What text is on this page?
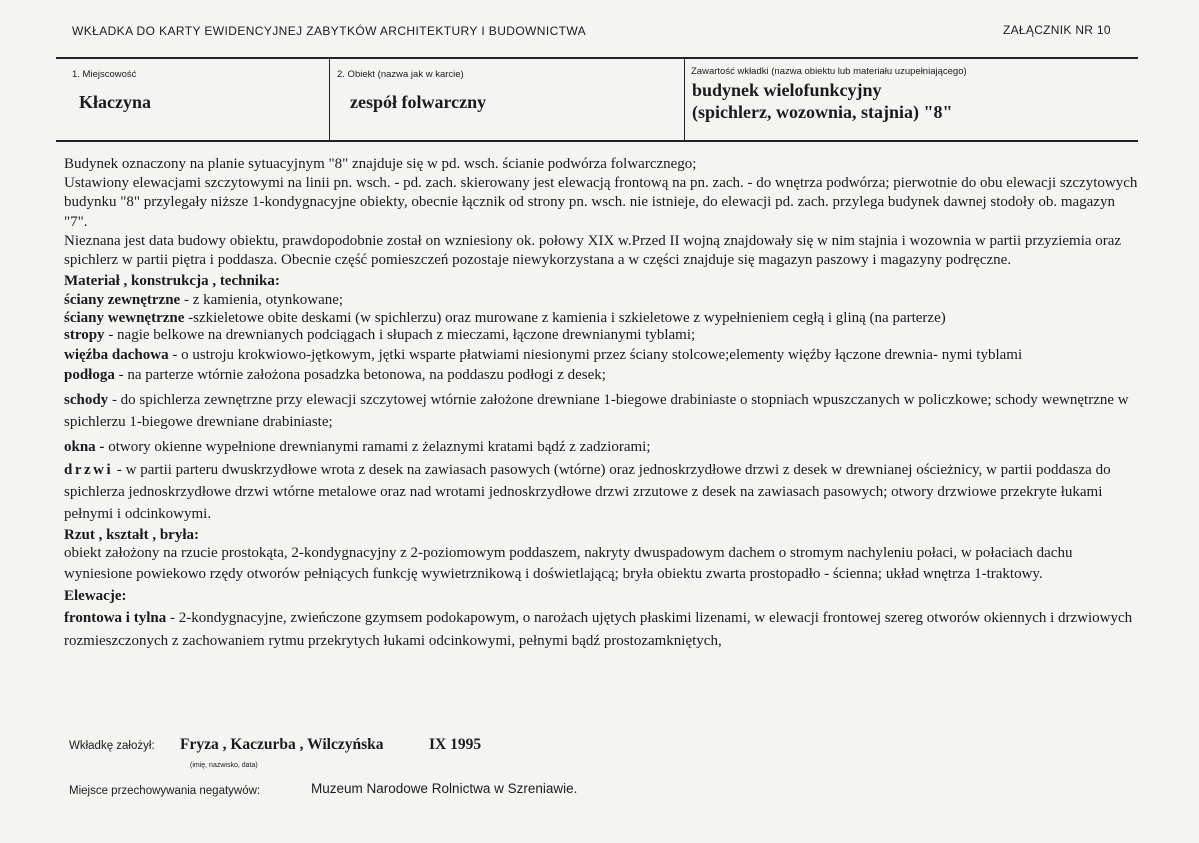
WKŁADKA DO KARTY EWIDENCYJNEJ ZABYTKÓW ARCHITEKTURY I BUDOWNICTWA	ZAŁĄCZNIK NR 10
1. Miejscowość
Kłaczyna
2. Obiekt (nazwa jak w karcie)
zespół folwarczny
Zawartość wkładki (nazwa obiektu lub materiału uzupełniającego)
budynek wielofunkcyjny
(spichlerz, wozownia, stajnia) "8"

Budynek oznaczony na planie sytuacyjnym "8" znajduje się w pd. wsch. ścianie podwórza folwarcznego;

Ustawiony elewacjami szczytowymi na linii pn. wsch. - pd. zach. skierowany jest elewacją frontową na pn. zach. - do wnętrza podwórza; pierwotnie do obu elewacji szczytowych budynku "8" przylegały niższe 1-kondygnacyjne obiekty, obecnie łącznik od strony pn. wsch. nie istnieje, do elewacji pd. zach. przylega budynek dawnej stodoły ob. magazyn "7".

Nieznana jest data budowy obiektu, prawdopodobnie został on wzniesiony ok. połowy XIX w.Przed II wojną znajdowały się w nim stajnia i wozownia w partii przyziemia oraz spichlerz w partii piętra i poddasza. Obecnie część pomieszczeń pozostaje niewykorzystana a w części znajduje się magazyn paszowy i magazyny podręczne.

Materiał , konstrukcja , technika:

ściany zewnętrzne - z kamienia, otynkowane;

ściany wewnętrzne -szkieletowe obite deskami (w spichlerzu) oraz murowane z kamienia i szkieletowe z wypełnieniem cegłą i gliną (na parterze)

stropy - nagie belkowe na drewnianych podciągach i słupach z mieczami, łączone drewnianymi tyblami;

więźba dachowa - o ustroju krokwiowo-jętkowym, jętki wsparte płatwiami niesionymi przez ściany stolcowe;elementy więźby łączone drewnia- nymi tyblami

podłoga - na parterze wtórnie założona posadzka betonowa, na poddaszu podłogi z desek;

schody - do spichlerza zewnętrzne przy elewacji szczytowej wtórnie założone drewniane 1-biegowe drabiniaste o stopniach wpuszczanych w policzkowe; schody wewnętrzne w spichlerzu 1-biegowe drewniane drabiniaste;

okna - otwory okienne wypełnione drewnianymi ramami z żelaznymi kratami bądź z zadziorami;

drzwi - w partii parteru dwuskrzydłowe wrota z desek na zawiasach pasowych (wtórne) oraz jednoskrzydłowe drzwi z desek w drewnianej ościeżnicy, w partii poddasza do spichlerza jednoskrzydłowe drzwi wtórne metalowe oraz nad wrotami jednoskrzydłowe drzwi zrzutowe z desek na zawiasach pasowych; otwory drzwiowe przekryte łukami pełnymi i odcinkowymi.

Rzut , kształt , bryła:

obiekt założony na rzucie prostokąta, 2-kondygnacyjny z 2-poziomowym poddaszem, nakryty dwuspadowym dachem o stromym nachyleniu połaci, w połaciach dachu wyniesione powiekowo rzędy otworów pełniących funkcję wywietrznikową i doświetlającą; bryła obiektu zwarta prostopadło - ścienna; układ wnętrza 1-traktowy.

Elewacje:

frontowa i tylna - 2-kondygnacyjne, zwieńczone gzymsem podokapowym, o narożach ujętych płaskimi lizenami, w elewacji frontowej szereg otworów okiennych i drzwiowych rozmieszczonych z zachowaniem rytmu przekrytych łukami odcinkowymi, pełnymi bądź prostozamkniętych,

Wkładkę założył: Fryza , Kaczurba , Wilczyńska	IX 1995
(imię, nazwisko, data)
Miejsce przechowywania negatywów:	Muzeum Narodowe Rolnictwa w Szreniawie.
